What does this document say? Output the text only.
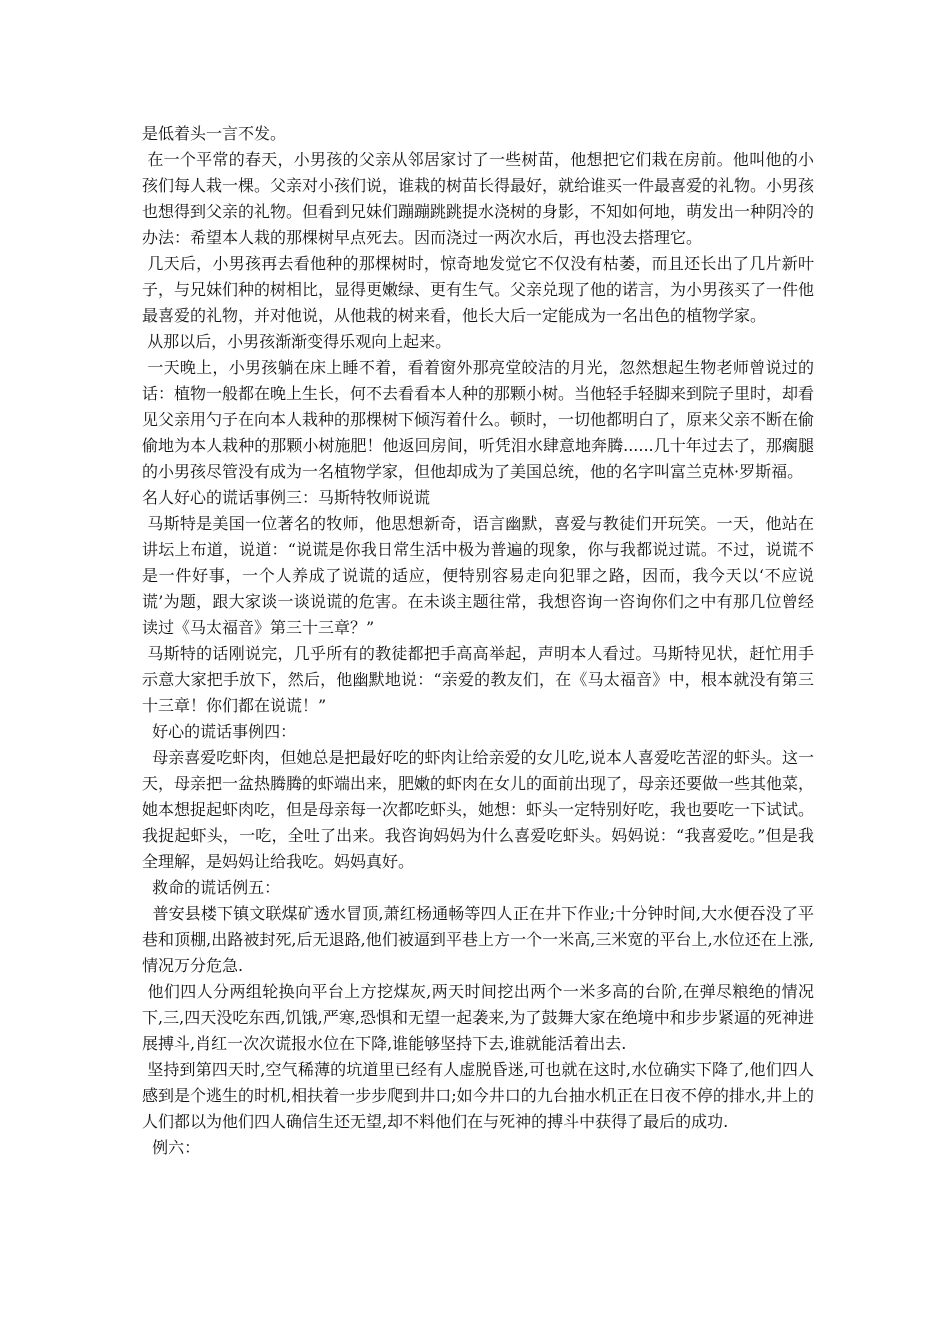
是低着头一言不发。

在一个平常的春天，小男孩的父亲从邻居家讨了一些树苗，他想把它们栽在房前。他叫他的小孩们每人栽一棵。父亲对小孩们说，谁栽的树苗长得最好，就给谁买一件最喜爱的礼物。小男孩也想得到父亲的礼物。但看到兄妹们蹦蹦跳跳提水浇树的身影，不知如何地，萌发出一种阴冷的办法：希望本人栽的那棵树早点死去。因而浇过一两次水后，再也没去搭理它。

几天后，小男孩再去看他种的那棵树时，惊奇地发觉它不仅没有枯萎，而且还长出了几片新叶子，与兄妹们种的树相比，显得更嫩绿、更有生气。父亲兑现了他的诺言，为小男孩买了一件他最喜爱的礼物，并对他说，从他栽的树来看，他长大后一定能成为一名出色的植物学家。

从那以后，小男孩渐渐变得乐观向上起来。

一天晚上，小男孩躺在床上睡不着，看着窗外那亮堂皎洁的月光，忽然想起生物老师曾说过的话：植物一般都在晚上生长，何不去看看本人种的那颗小树。当他轻手轻脚来到院子里时，却看见父亲用勺子在向本人栽种的那棵树下倾泻着什么。顿时，一切他都明白了，原来父亲不断在偷偷地为本人栽种的那颗小树施肥！他返回房间，听凭泪水肆意地奔腾......几十年过去了，那瘸腿的小男孩尽管没有成为一名植物学家，但他却成为了美国总统，他的名字叫富兰克林·罗斯福。

名人好心的谎话事例三：马斯特牧师说谎

马斯特是美国一位著名的牧师，他思想新奇，语言幽默，喜爱与教徒们开玩笑。一天，他站在讲坛上布道，说道：“说谎是你我日常生活中极为普遍的现象，你与我都说过谎。不过，说谎不是一件好事，一个人养成了说谎的适应，便特别容易走向犯罪之路，因而，我今天以‘不应说谎’为题，跟大家谈一谈说谎的危害。在未谈主题往常，我想咨询一咨询你们之中有那几位曾经读过《马太福音》第三十三章？”

马斯特的话刚说完，几乎所有的教徒都把手高高举起，声明本人看过。马斯特见状，赶忙用手示意大家把手放下，然后，他幽默地说：“亲爱的教友们，在《马太福音》中，根本就没有第三十三章！你们都在说谎！”

好心的谎话事例四：

母亲喜爱吃虾肉，但她总是把最好吃的虾肉让给亲爱的女儿吃,说本人喜爱吃苦涩的虾头。这一天，母亲把一盆热腾腾的虾端出来，肥嫩的虾肉在女儿的面前出现了，母亲还要做一些其他菜，她本想捉起虾肉吃，但是母亲每一次都吃虾头，她想：虾头一定特别好吃，我也要吃一下试试。我捉起虾头，一吃，全吐了出来。我咨询妈妈为什么喜爱吃虾头。妈妈说：“我喜爱吃。”但是我全理解，是妈妈让给我吃。妈妈真好。

救命的谎话例五：

普安县楼下镇文联煤矿透水冒顶,萧红杨通畅等四人正在井下作业;十分钟时间,大水便吞没了平巷和顶棚,出路被封死,后无退路,他们被逼到平巷上方一个一米高,三米宽的平台上,水位还在上涨,情况万分危急.

他们四人分两组轮换向平台上方挖煤灰,两天时间挖出两个一米多高的台阶,在弹尽粮绝的情况下,三,四天没吃东西,饥饿,严寒,恐惧和无望一起袭来,为了鼓舞大家在绝境中和步步紧逼的死神进展搏斗,肖红一次次谎报水位在下降,谁能够坚持下去,谁就能活着出去.

坚持到第四天时,空气稀薄的坑道里已经有人虚脱昏迷,可也就在这时,水位确实下降了,他们四人感到是个逃生的时机,相扶着一步步爬到井口;如今井口的九台抽水机正在日夜不停的排水,井上的人们都以为他们四人确信生还无望,却不料他们在与死神的搏斗中获得了最后的成功.

例六：
